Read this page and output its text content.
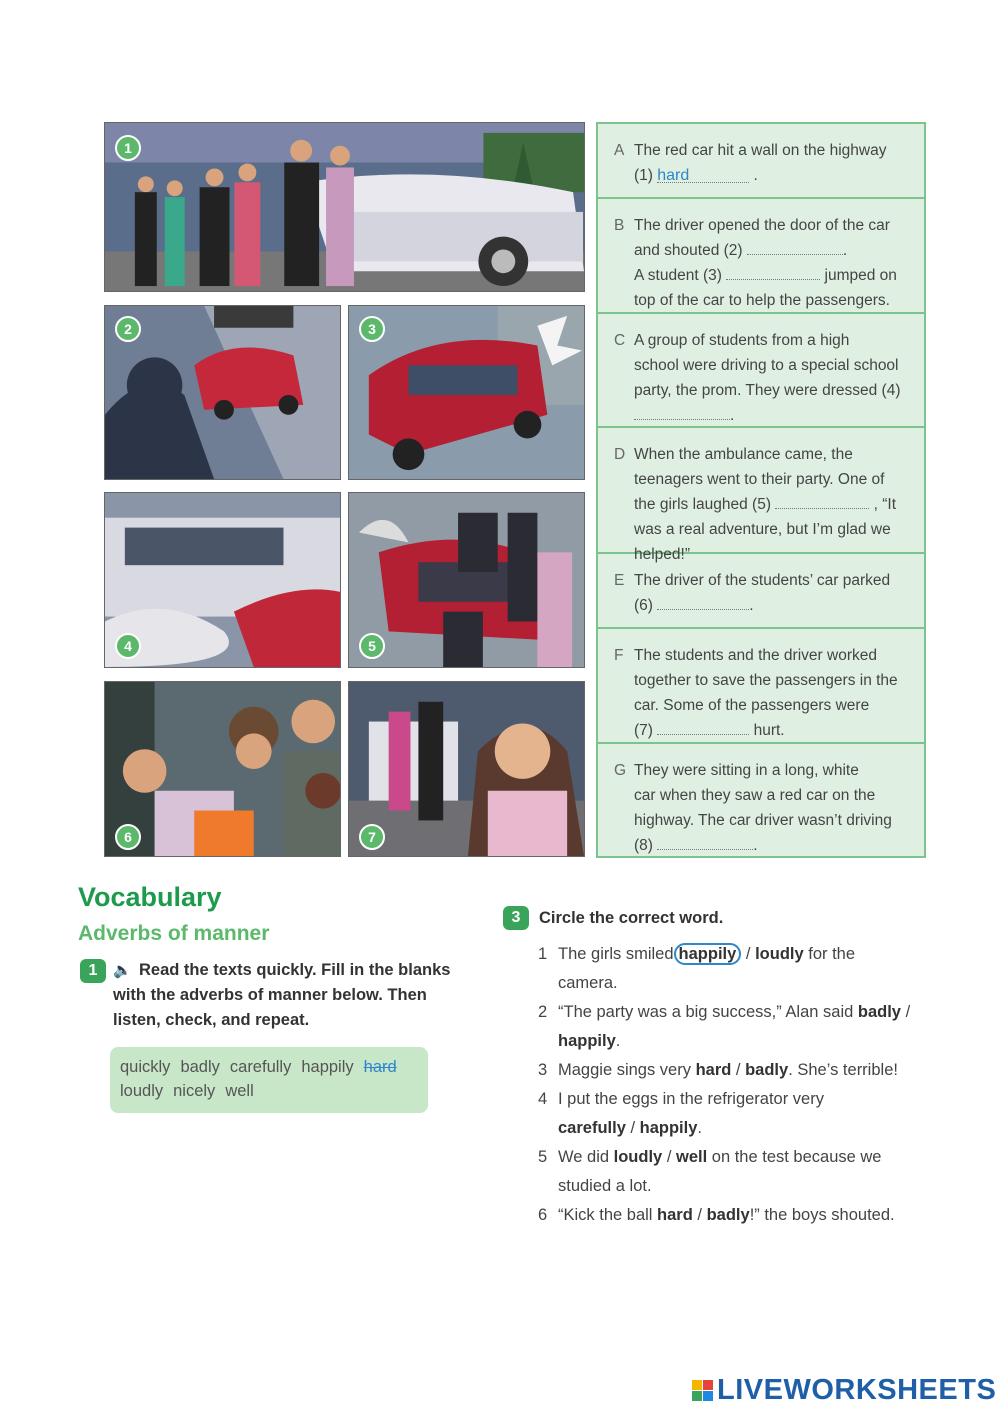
1
2	3
4	5
6	7
A The red car hit a wall on the highway
(1) hard	.
B The driver opened the door of the car
and shouted (2)	.
A student (3)	jumped on
top of the car to help the passengers.
C A group of students from a high
school were driving to a special school
party, the prom. They were dressed (4)
.
D When the ambulance came, the
teenagers went to their party. One of
the girls laughed (5)	, “It
was a real adventure, but I’m glad we
helped!”
E The driver of the students’ car parked
(6)	.
F The students and the driver worked
together to save the passengers in the
car. Some of the passengers were
(7)	hurt.
G They were sitting in a long, white
car when they saw a red car on the
highway. The car driver wasn’t driving
(8)	.
Vocabulary
Adverbs of manner
1	🔈 Read the texts quickly. Fill in the blanks
with the adverbs of manner below. Then
listen, check, and repeat.
quickly badly carefully happily hard
loudly nicely well
3	Circle the correct word.
1 The girls smiled happily / loudly for the
camera.
2 “The party was a big success,” Alan said badly /
happily.
3 Maggie sings very hard / badly. She’s terrible!
4 I put the eggs in the refrigerator very
carefully / happily.
5 We did loudly / well on the test because we
studied a lot.
6 “Kick the ball hard / badly!” the boys shouted.
LIVEWORKSHEETS
